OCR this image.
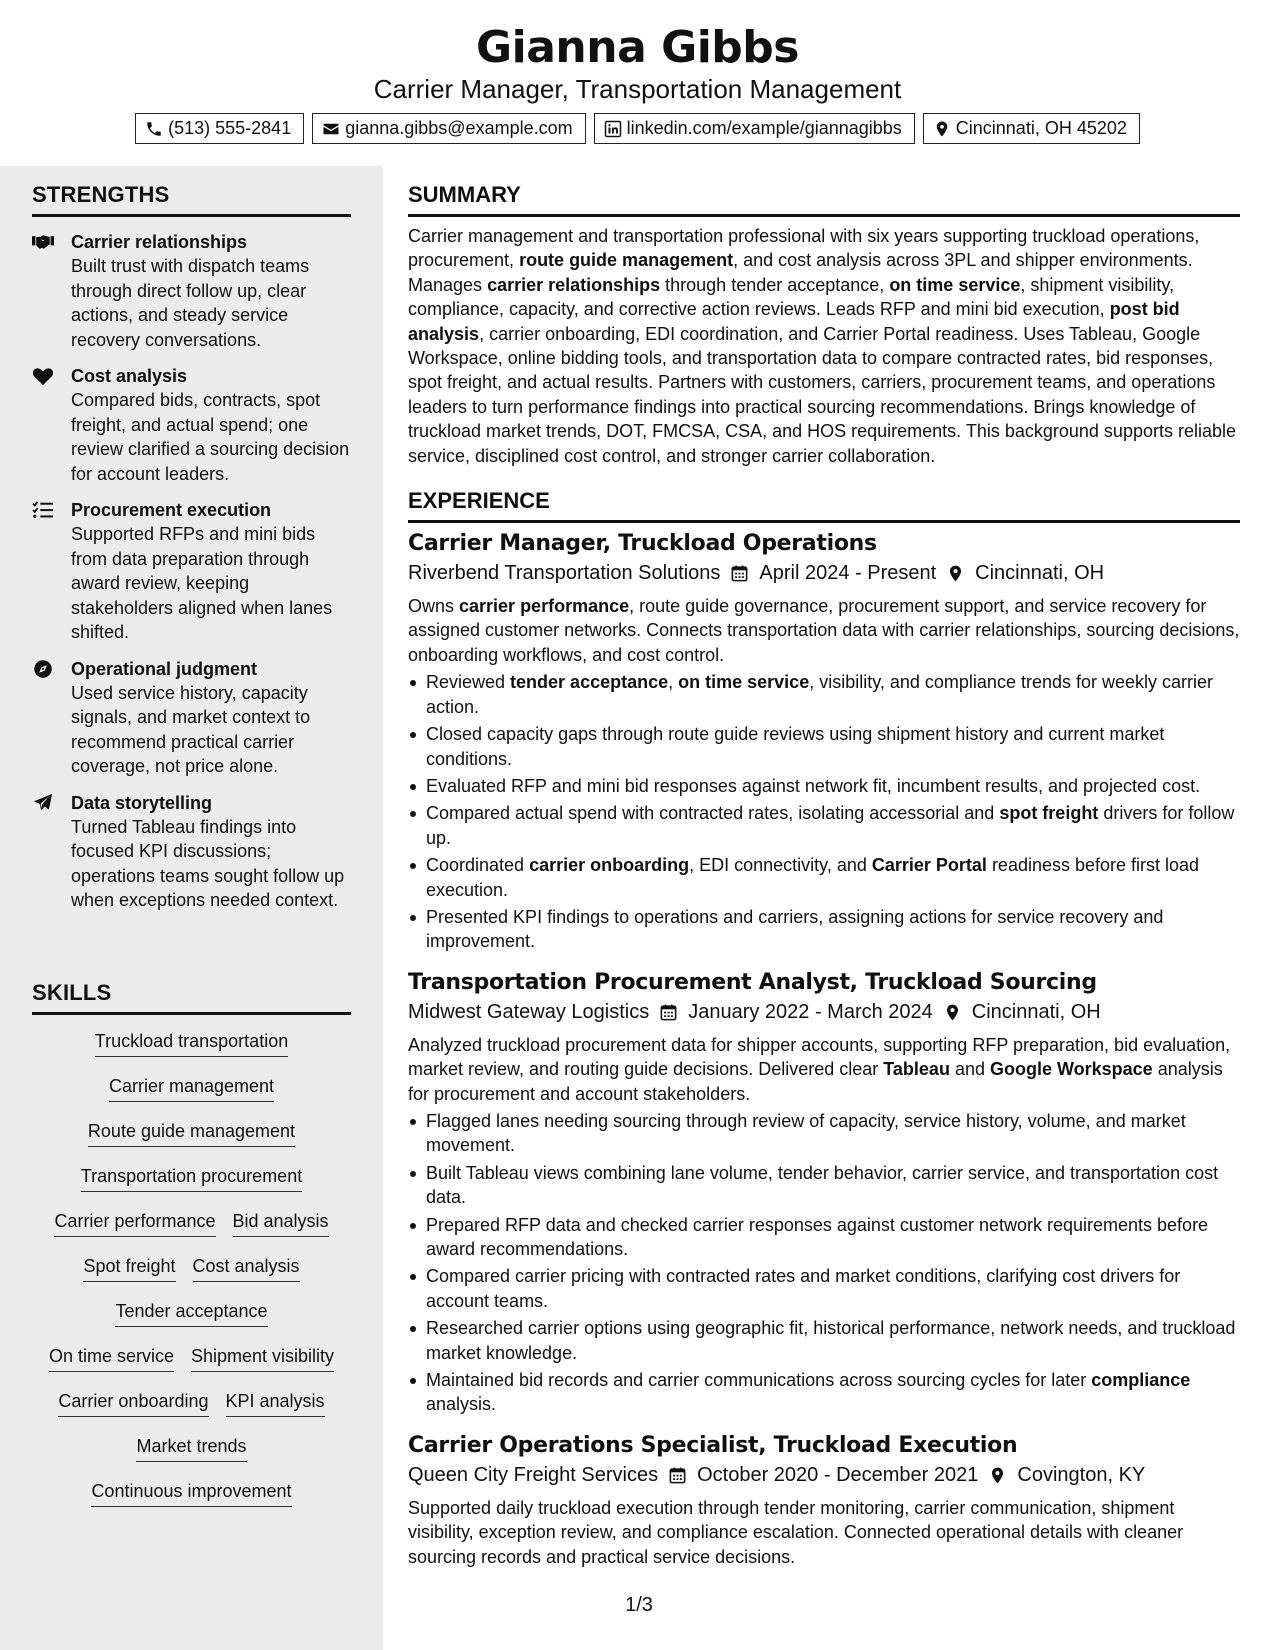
Gianna Gibbs
Carrier Manager, Transportation Management
(513) 555-2841	gianna.gibbs@example.com	linkedin.com/example/giannagibbs	Cincinnati, OH 45202
STRENGTHS
Carrier relationships
Built trust with dispatch teams through direct follow up, clear actions, and steady service recovery conversations.
Cost analysis
Compared bids, contracts, spot freight, and actual spend; one review clarified a sourcing decision for account leaders.
Procurement execution
Supported RFPs and mini bids from data preparation through award review, keeping stakeholders aligned when lanes shifted.
Operational judgment
Used service history, capacity signals, and market context to recommend practical carrier coverage, not price alone.
Data storytelling
Turned Tableau findings into focused KPI discussions; operations teams sought follow up when exceptions needed context.
SKILLS
Truckload transportation
Carrier management
Route guide management
Transportation procurement
Carrier performance Bid analysis
Spot freight Cost analysis
Tender acceptance
On time service Shipment visibility
Carrier onboarding KPI analysis
Market trends
Continuous improvement
SUMMARY
Carrier management and transportation professional with six years supporting truckload operations, procurement, route guide management, and cost analysis across 3PL and shipper environments. Manages carrier relationships through tender acceptance, on time service, shipment visibility, compliance, capacity, and corrective action reviews. Leads RFP and mini bid execution, post bid analysis, carrier onboarding, EDI coordination, and Carrier Portal readiness. Uses Tableau, Google Workspace, online bidding tools, and transportation data to compare contracted rates, bid responses, spot freight, and actual results. Partners with customers, carriers, procurement teams, and operations leaders to turn performance findings into practical sourcing recommendations. Brings knowledge of truckload market trends, DOT, FMCSA, CSA, and HOS requirements. This background supports reliable service, disciplined cost control, and stronger carrier collaboration.
EXPERIENCE
Carrier Manager, Truckload Operations
Riverbend Transportation Solutions April 2024 - Present Cincinnati, OH
Owns carrier performance, route guide governance, procurement support, and service recovery for assigned customer networks. Connects transportation data with carrier relationships, sourcing decisions, onboarding workflows, and cost control.
Reviewed tender acceptance, on time service, visibility, and compliance trends for weekly carrier action.
Closed capacity gaps through route guide reviews using shipment history and current market conditions.
Evaluated RFP and mini bid responses against network fit, incumbent results, and projected cost.
Compared actual spend with contracted rates, isolating accessorial and spot freight drivers for follow up.
Coordinated carrier onboarding, EDI connectivity, and Carrier Portal readiness before first load execution.
Presented KPI findings to operations and carriers, assigning actions for service recovery and improvement.
Transportation Procurement Analyst, Truckload Sourcing
Midwest Gateway Logistics January 2022 - March 2024 Cincinnati, OH
Analyzed truckload procurement data for shipper accounts, supporting RFP preparation, bid evaluation, market review, and routing guide decisions. Delivered clear Tableau and Google Workspace analysis for procurement and account stakeholders.
Flagged lanes needing sourcing through review of capacity, service history, volume, and market movement.
Built Tableau views combining lane volume, tender behavior, carrier service, and transportation cost data.
Prepared RFP data and checked carrier responses against customer network requirements before award recommendations.
Compared carrier pricing with contracted rates and market conditions, clarifying cost drivers for account teams.
Researched carrier options using geographic fit, historical performance, network needs, and truckload market knowledge.
Maintained bid records and carrier communications across sourcing cycles for later compliance analysis.
Carrier Operations Specialist, Truckload Execution
Queen City Freight Services October 2020 - December 2021 Covington, KY
Supported daily truckload execution through tender monitoring, carrier communication, shipment visibility, exception review, and compliance escalation. Connected operational details with cleaner sourcing records and practical service decisions.
1/3
